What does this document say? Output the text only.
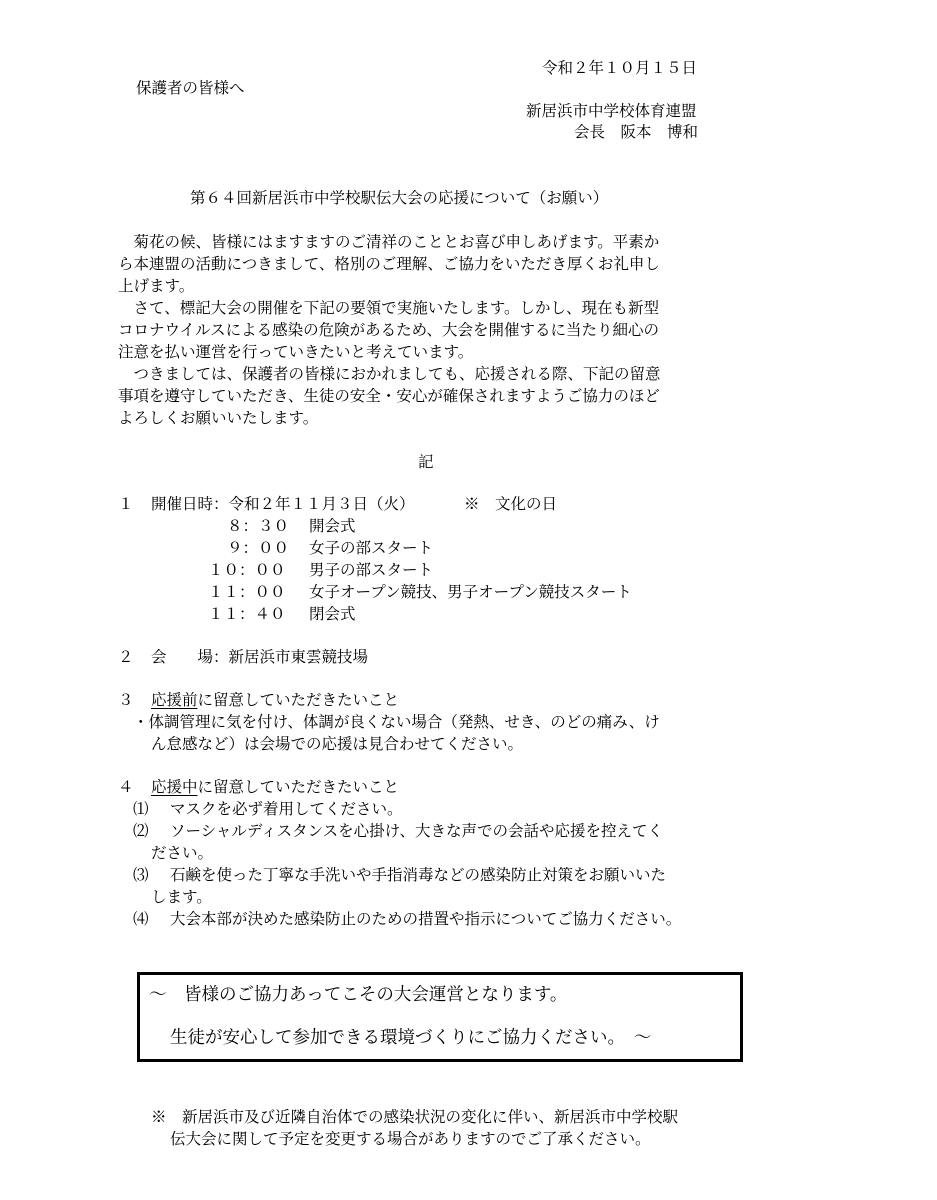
令和２年１０月１５日
保護者の皆様へ
新居浜市中学校体育連盟
会長　阪本　博和
第６４回新居浜市中学校駅伝大会の応援について（お願い）
　菊花の候、皆様にはますますのご清祥のこととお喜び申しあげます。平素か
ら本連盟の活動につきまして、格別のご理解、ご協力をいただき厚くお礼申し
上げます。
　さて、標記大会の開催を下記の要領で実施いたします。しかし、現在も新型
コロナウイルスによる感染の危険があるため、大会を開催するに当たり細心の
注意を払い運営を行っていきたいと考えています。
　つきましては、保護者の皆様におかれましても、応援される際、下記の留意
事項を遵守していただき、生徒の安全・安心が確保されますようご協力のほど
よろしくお願いいたします。
記
１ 開催日時：令和２年１１月３日（火）	※　文化の日
８：３０ 開会式
９：００ 女子の部スタート
１０：００ 男子の部スタート
１１：００ 女子オープン競技、男子オープン競技スタート
１１：４０ 閉会式
２ 会　　場：新居浜市東雲競技場
３ 応援前に留意していただきたいこと
・体調管理に気を付け、体調が良くない場合（発熱、せき、のどの痛み、け
ん怠感など）は会場での応援は見合わせてください。
４ 応援中に留意していただきたいこと
⑴ マスクを必ず着用してください。
⑵ ソーシャルディスタンスを心掛け、大きな声での会話や応援を控えてく
ださい。
⑶ 石鹸を使った丁寧な手洗いや手指消毒などの感染防止対策をお願いいた
します。
⑷ 大会本部が決めた感染防止のための措置や指示についてご協力ください。
～　皆様のご協力あってこその大会運営となります。
生徒が安心して参加できる環境づくりにご協力ください。　～
※　新居浜市及び近隣自治体での感染状況の変化に伴い、新居浜市中学校駅
伝大会に関して予定を変更する場合がありますのでご了承ください。
